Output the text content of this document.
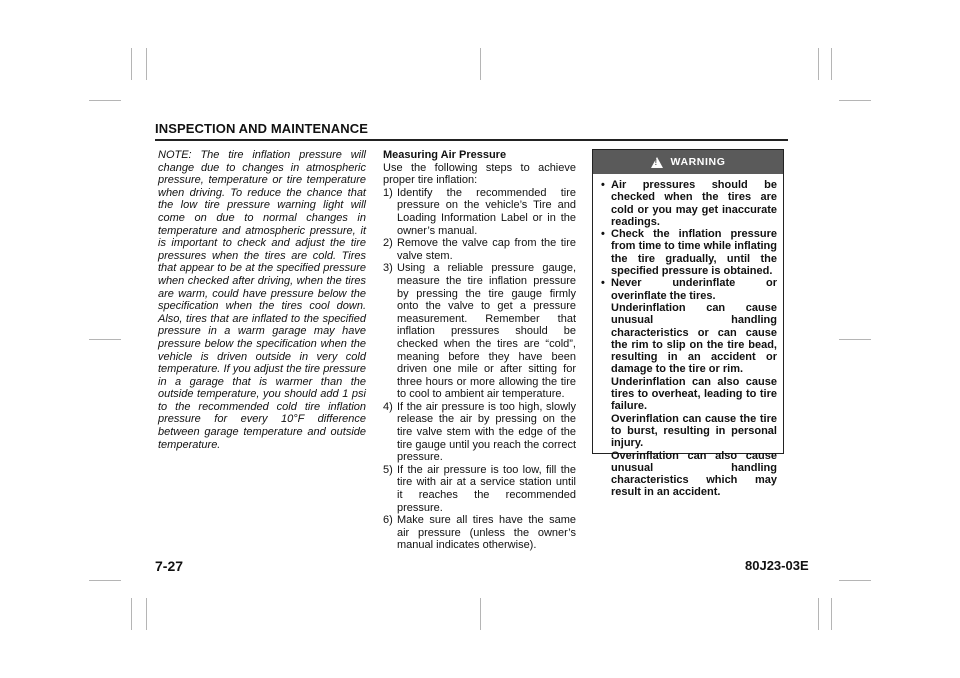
INSPECTION AND MAINTENANCE

NOTE: The tire inflation pressure will change due to changes in atmospheric pressure, temperature or tire temperature when driving. To reduce the chance that the low tire pressure warning light will come on due to normal changes in temperature and atmospheric pressure, it is important to check and adjust the tire pressures when the tires are cold. Tires that appear to be at the specified pressure when checked after driving, when the tires are warm, could have pressure below the specification when the tires cool down. Also, tires that are inflated to the specified pressure in a warm garage may have pressure below the specification when the vehicle is driven outside in very cold temperature. If you adjust the tire pressure in a garage that is warmer than the outside temperature, you should add 1 psi to the recommended cold tire inflation pressure for every 10°F difference between garage temperature and outside temperature.

Measuring Air Pressure

Use the following steps to achieve proper tire inflation:

1) Identify the recommended tire pressure on the vehicle’s Tire and Loading Information Label or in the owner’s manual.
2) Remove the valve cap from the tire valve stem.
3) Using a reliable pressure gauge, measure the tire inflation pressure by pressing the tire gauge firmly onto the valve to get a pressure measurement. Remember that inflation pressures should be checked when the tires are “cold”, meaning before they have been driven one mile or after sitting for three hours or more allowing the tire to cool to ambient air temperature.
4) If the air pressure is too high, slowly release the air by pressing on the tire valve stem with the edge of the tire gauge until you reach the correct pressure.
5) If the air pressure is too low, fill the tire with air at a service station until it reaches the recommended pressure.
6) Make sure all tires have the same air pressure (unless the owner’s manual indicates otherwise).
!
WARNING
• Air pressures should be checked when the tires are cold or you may get inaccurate readings.
• Check the inflation pressure from time to time while inflating the tire gradually, until the specified pressure is obtained.
• Never underinflate or overinflate the tires.
Underinflation can cause unusual handling characteristics or can cause the rim to slip on the tire bead, resulting in an accident or damage to the tire or rim.
Underinflation can also cause tires to overheat, leading to tire failure.
Overinflation can cause the tire to burst, resulting in personal injury.
Overinflation can also cause unusual handling characteristics which may result in an accident.
7-27	80J23-03E
